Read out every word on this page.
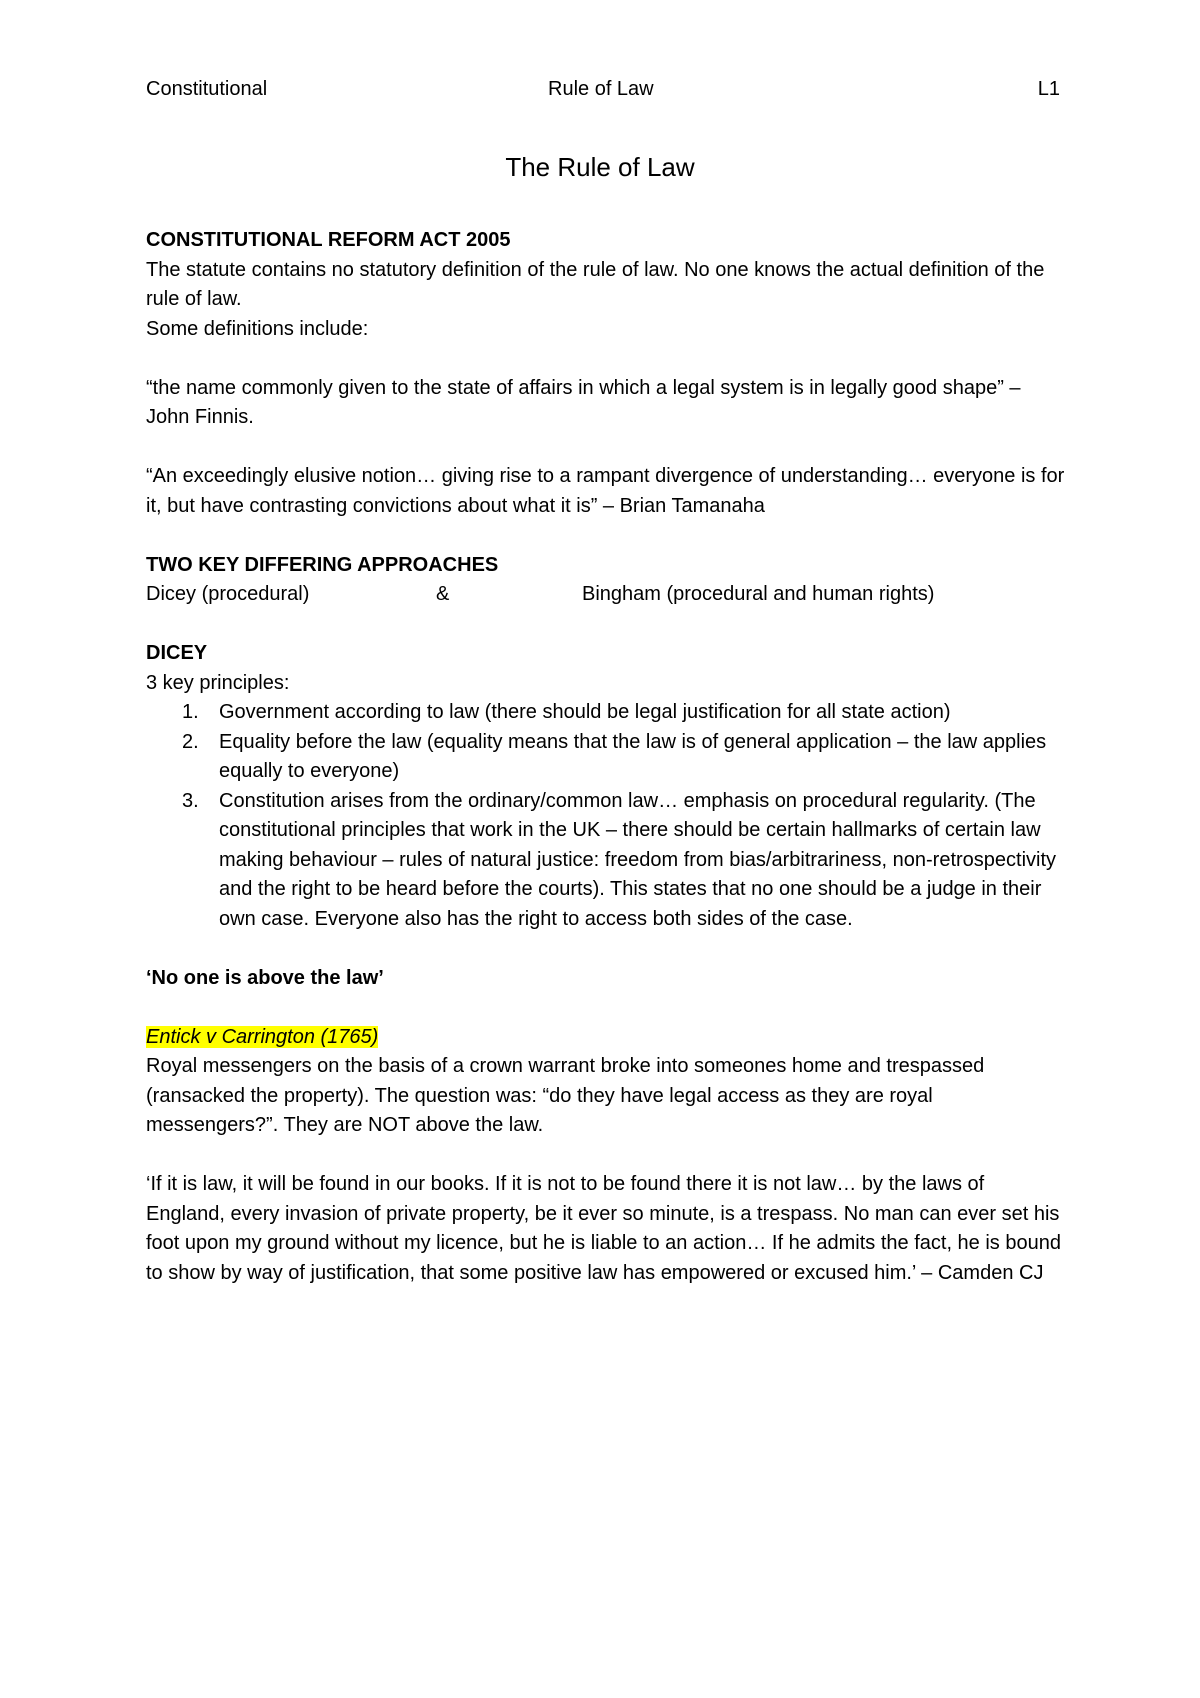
Constitutional	Rule of Law	L1
The Rule of Law

CONSTITUTIONAL REFORM ACT 2005

The statute contains no statutory definition of the rule of law. No one knows the actual definition of the rule of law.

Some definitions include:

“the name commonly given to the state of affairs in which a legal system is in legally good shape” – John Finnis.

“An exceedingly elusive notion… giving rise to a rampant divergence of understanding… everyone is for it, but have contrasting convictions about what it is” – Brian Tamanaha

TWO KEY DIFFERING APPROACHES

Dicey (procedural)	&	Bingham (procedural and human rights)

DICEY

3 key principles:

1. Government according to law (there should be legal justification for all state action)
2. Equality before the law (equality means that the law is of general application – the law applies equally to everyone)
3. Constitution arises from the ordinary/common law… emphasis on procedural regularity. (The constitutional principles that work in the UK – there should be certain hallmarks of certain law making behaviour – rules of natural justice: freedom from bias/arbitrariness, non-retrospectivity and the right to be heard before the courts). This states that no one should be a judge in their own case. Everyone also has the right to access both sides of the case.

‘No one is above the law’

Entick v Carrington (1765)

Royal messengers on the basis of a crown warrant broke into someones home and trespassed (ransacked the property). The question was: “do they have legal access as they are royal messengers?”. They are NOT above the law.

‘If it is law, it will be found in our books. If it is not to be found there it is not law… by the laws of England, every invasion of private property, be it ever so minute, is a trespass. No man can ever set his foot upon my ground without my licence, but he is liable to an action… If he admits the fact, he is bound to show by way of justification, that some positive law has empowered or excused him.’ – Camden CJ
